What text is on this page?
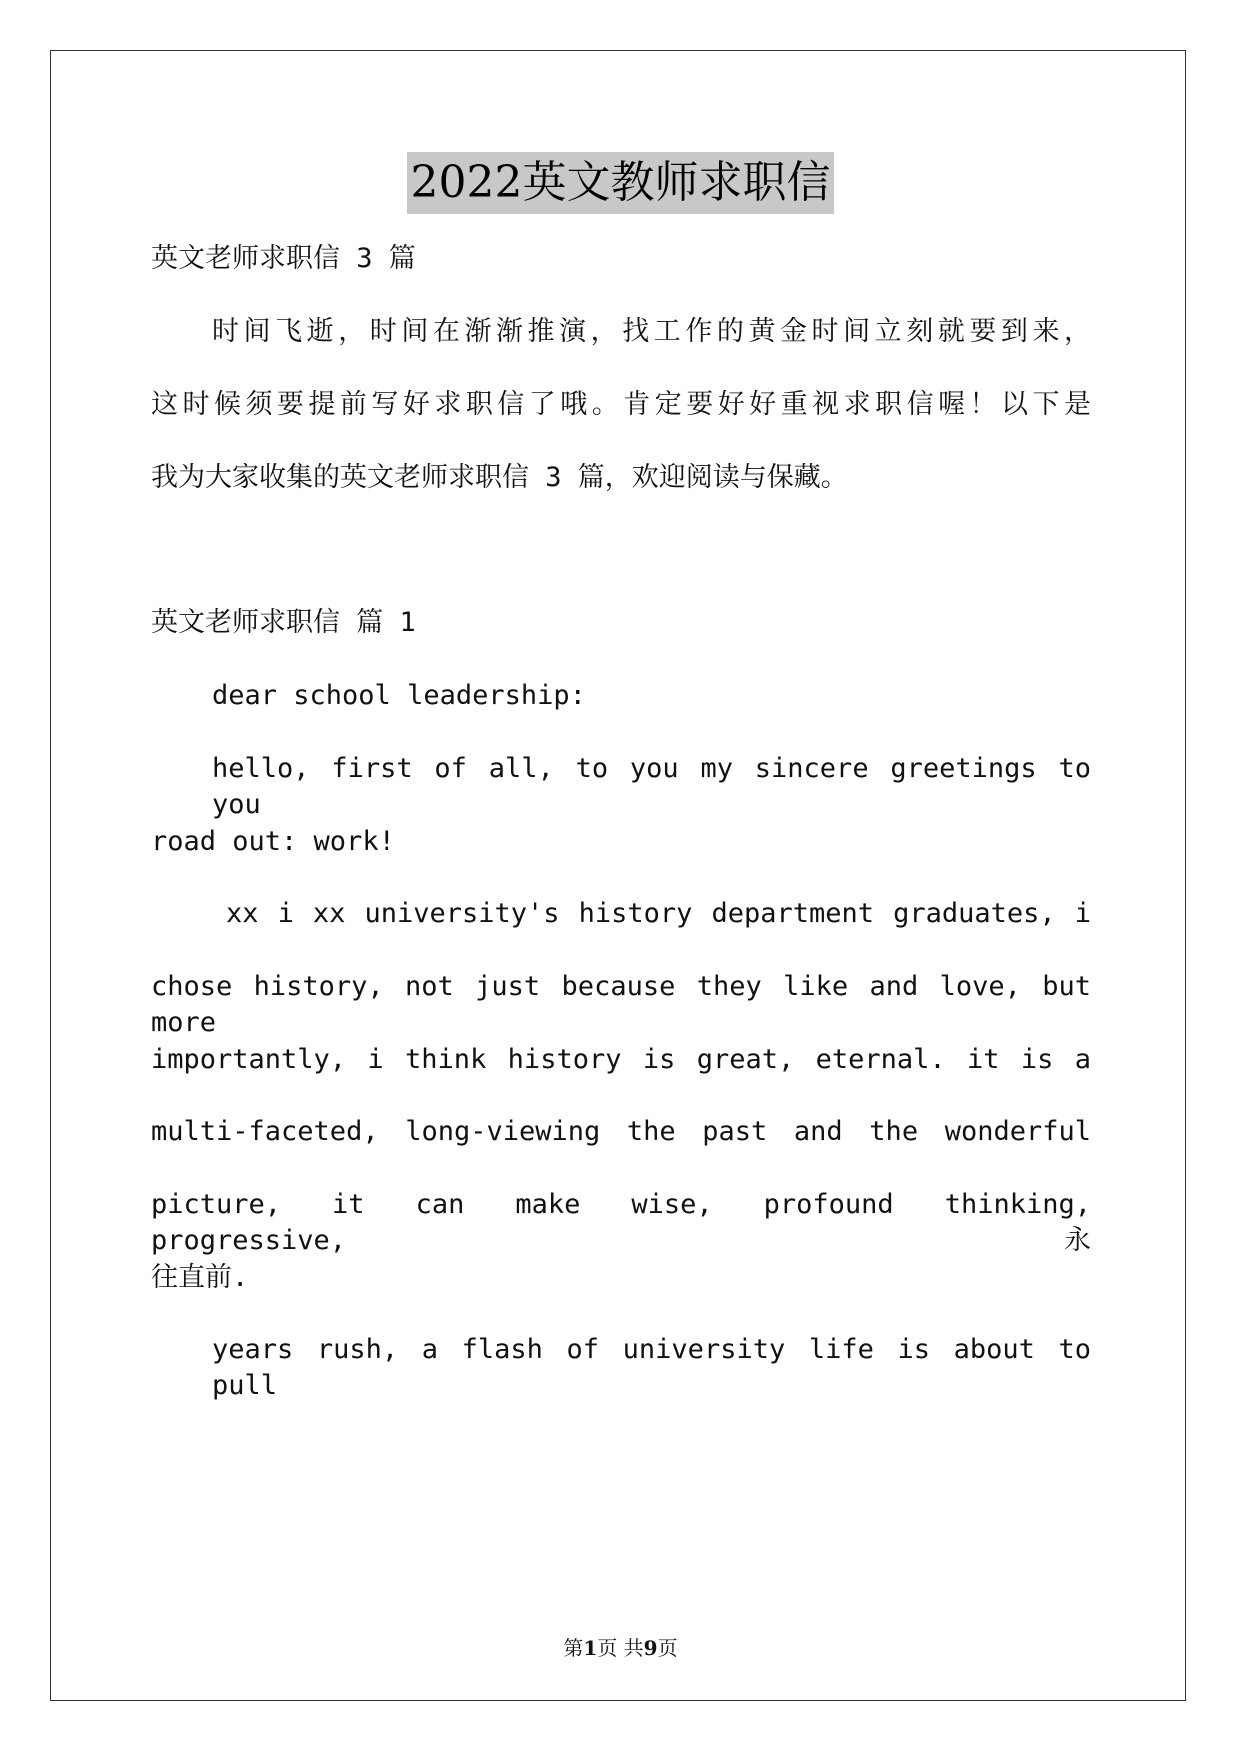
2022英文教师求职信
英文老师求职信 3 篇
时间飞逝，时间在渐渐推演，找工作的黄金时间立刻就要到来，
这时候须要提前写好求职信了哦。肯定要好好重视求职信喔！以下是
我为大家收集的英文老师求职信 3 篇，欢迎阅读与保藏。
英文老师求职信 篇 1
dear school leadership:
hello, first of all, to you my sincere greetings to you
road out: work!
xx i xx university's history department graduates, i
chose history, not just because they like and love, but more
importantly, i think history is great, eternal. it is a
multi-faceted, long-viewing the past and the wonderful
picture, it can make wise, profound thinking, progressive,永
往直前.
years rush, a flash of university life is about to pull
第1页 共9页
